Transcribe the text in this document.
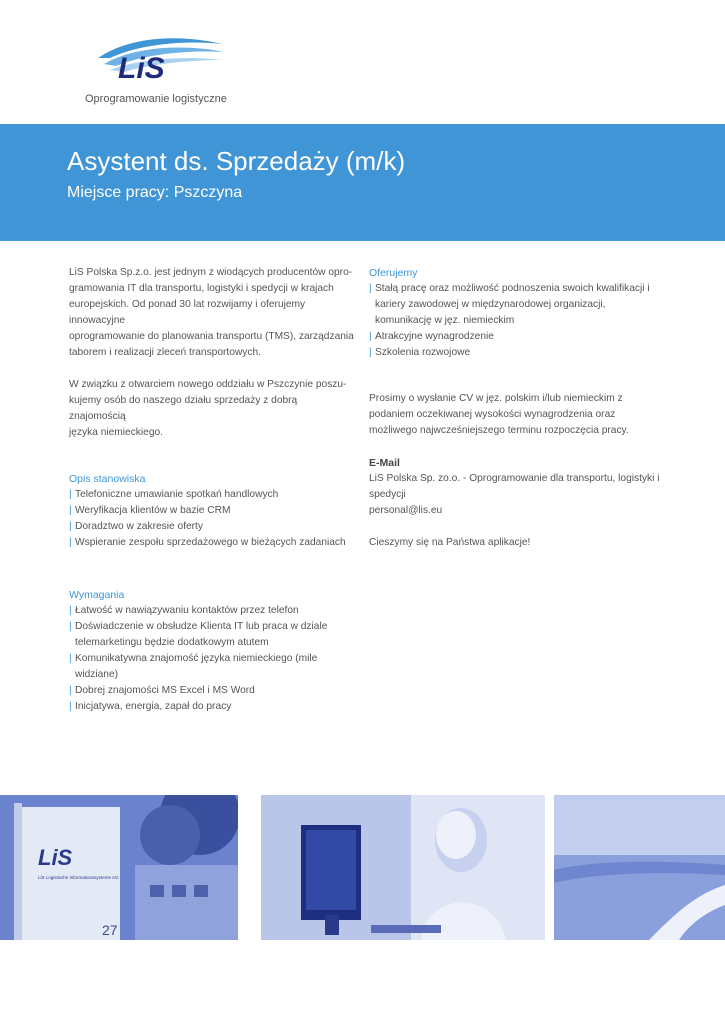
LiS
Oprogramowanie logistyczne
Asystent ds. Sprzedaży (m/k)
Miejsce pracy: Pszczyna

LiS Polska Sp.z.o. jest jednym z wiodących producentów opro-
gramowania IT dla transportu, logistyki i spedycji w krajach
europejskich. Od ponad 30 lat rozwijamy i oferujemy innowacyjne
oprogramowanie do planowania transportu (TMS), zarządzania
taborem i realizacji zleceń transportowych.

W związku z otwarciem nowego oddziału w Pszczynie poszu-
kujemy osób do naszego działu sprzedaży z dobrą znajomością
języka niemieckiego.

Opis stanowiska

| Telefoniczne umawianie spotkań handlowych
| Weryfikacja klientów w bazie CRM
| Doradztwo w zakresie oferty
| Wspieranie zespołu sprzedażowego w bieżących zadaniach

Wymagania

| Łatwość w nawiązywaniu kontaktów przez telefon
| Doświadczenie w obsłudze Klienta IT lub praca w dziale telemarketingu będzie dodatkowym atutem
| Komunikatywna znajomość języka niemieckiego (mile widziane)
| Dobrej znajomości MS Excel i MS Word
| Inicjatywa, energia, zapał do pracy

Oferujemy

| Stałą pracę oraz możliwość podnoszenia swoich kwalifikacji i kariery zawodowej w międzynarodowej organizacji, komunikację w jęz. niemieckim
| Atrakcyjne wynagrodzenie
| Szkolenia rozwojowe

Prosimy o wysłanie CV w jęz. polskim i/lub niemieckim z
podaniem oczekiwanej wysokości wynagrodzenia oraz
możliwego najwcześniejszego terminu rozpoczęcia pracy.

E-Mail

LiS Polska Sp. zo.o. - Oprogramowanie dla transportu, logistyki i spedycji

personal@lis.eu

Cieszymy się na Państwa aplikacje!

LiS
LiS Logistische Informationssysteme AG
27
